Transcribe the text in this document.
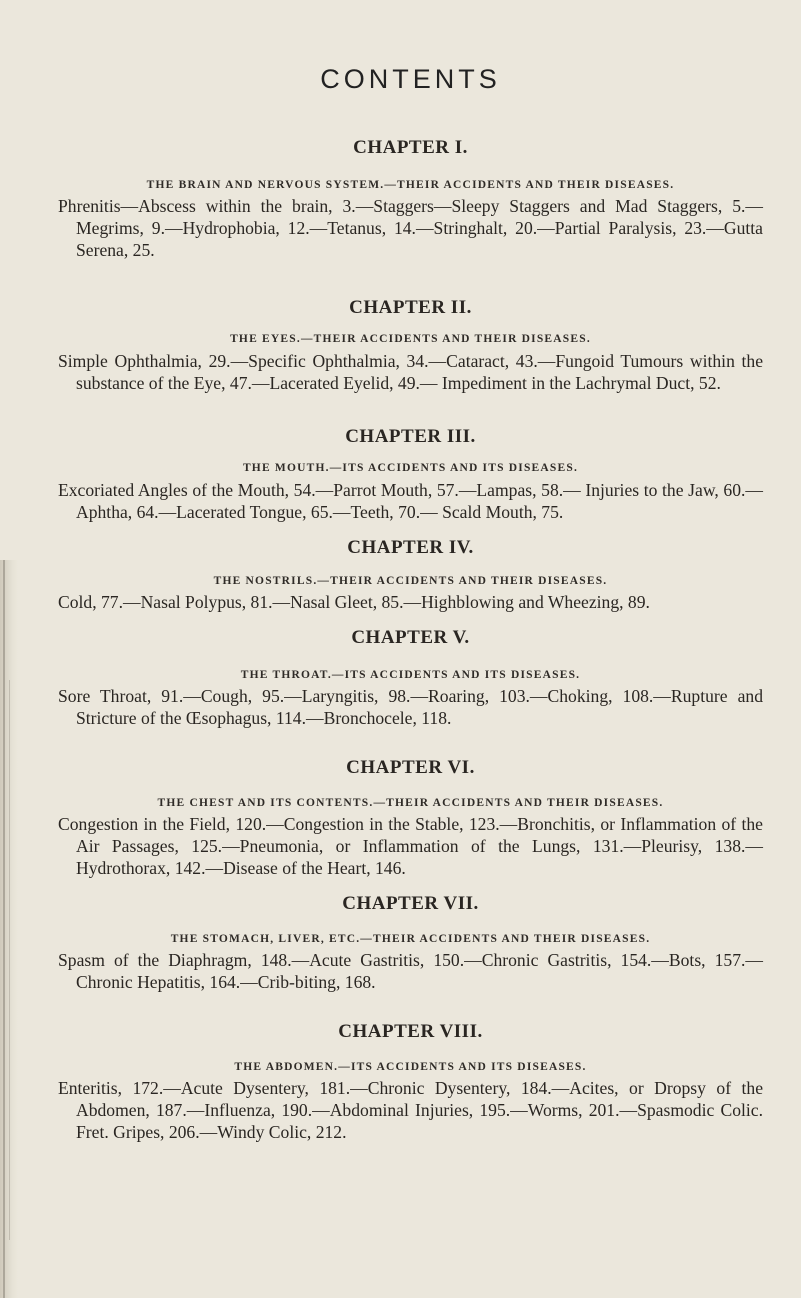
CONTENTS
CHAPTER I.

THE BRAIN AND NERVOUS SYSTEM.—THEIR ACCIDENTS AND THEIR DISEASES.

Phrenitis—Abscess within the brain, 3.—Staggers—Sleepy Staggers and Mad Staggers, 5.—Megrims, 9.—Hydrophobia, 12.—Tetanus, 14.—Stringhalt, 20.—Partial Paralysis, 23.—Gutta Serena, 25.

CHAPTER II.

THE EYES.—THEIR ACCIDENTS AND THEIR DISEASES.

Simple Ophthalmia, 29.—Specific Ophthalmia, 34.—Cataract, 43.—Fungoid Tumours within the substance of the Eye, 47.—Lacerated Eyelid, 49.— Impediment in the Lachrymal Duct, 52.

CHAPTER III.

THE MOUTH.—ITS ACCIDENTS AND ITS DISEASES.

Excoriated Angles of the Mouth, 54.—Parrot Mouth, 57.—Lampas, 58.— Injuries to the Jaw, 60.—Aphtha, 64.—Lacerated Tongue, 65.—Teeth, 70.— Scald Mouth, 75.

CHAPTER IV.

THE NOSTRILS.—THEIR ACCIDENTS AND THEIR DISEASES.

Cold, 77.—Nasal Polypus, 81.—Nasal Gleet, 85.—Highblowing and Wheezing, 89.

CHAPTER V.

THE THROAT.—ITS ACCIDENTS AND ITS DISEASES.

Sore Throat, 91.—Cough, 95.—Laryngitis, 98.—Roaring, 103.—Choking, 108.—Rupture and Stricture of the Œsophagus, 114.—Bronchocele, 118.

CHAPTER VI.

THE CHEST AND ITS CONTENTS.—THEIR ACCIDENTS AND THEIR DISEASES.

Congestion in the Field, 120.—Congestion in the Stable, 123.—Bronchitis, or Inflammation of the Air Passages, 125.—Pneumonia, or Inflammation of the Lungs, 131.—Pleurisy, 138.—Hydrothorax, 142.—Disease of the Heart, 146.

CHAPTER VII.

THE STOMACH, LIVER, ETC.—THEIR ACCIDENTS AND THEIR DISEASES.

Spasm of the Diaphragm, 148.—Acute Gastritis, 150.—Chronic Gastritis, 154.—Bots, 157.—Chronic Hepatitis, 164.—Crib-biting, 168.

CHAPTER VIII.

THE ABDOMEN.—ITS ACCIDENTS AND ITS DISEASES.

Enteritis, 172.—Acute Dysentery, 181.—Chronic Dysentery, 184.—Acites, or Dropsy of the Abdomen, 187.—Influenza, 190.—Abdominal Injuries, 195.—Worms, 201.—Spasmodic Colic. Fret. Gripes, 206.—Windy Colic, 212.
